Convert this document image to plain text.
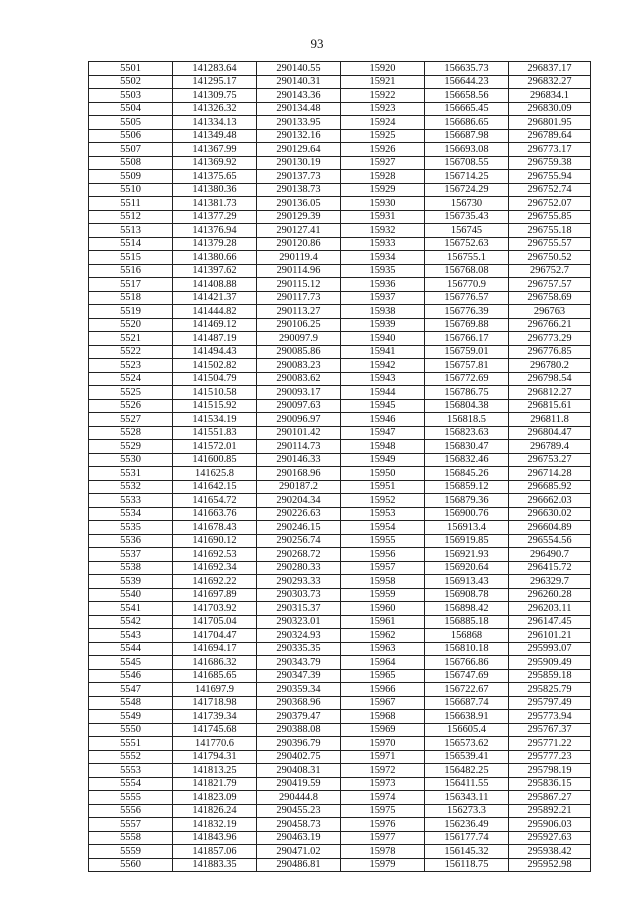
93
5501	141283.64	290140.55	15920	156635.73	296837.17
5502	141295.17	290140.31	15921	156644.23	296832.27
5503	141309.75	290143.36	15922	156658.56	296834.1
5504	141326.32	290134.48	15923	156665.45	296830.09
5505	141334.13	290133.95	15924	156686.65	296801.95
5506	141349.48	290132.16	15925	156687.98	296789.64
5507	141367.99	290129.64	15926	156693.08	296773.17
5508	141369.92	290130.19	15927	156708.55	296759.38
5509	141375.65	290137.73	15928	156714.25	296755.94
5510	141380.36	290138.73	15929	156724.29	296752.74
5511	141381.73	290136.05	15930	156730	296752.07
5512	141377.29	290129.39	15931	156735.43	296755.85
5513	141376.94	290127.41	15932	156745	296755.18
5514	141379.28	290120.86	15933	156752.63	296755.57
5515	141380.66	290119.4	15934	156755.1	296750.52
5516	141397.62	290114.96	15935	156768.08	296752.7
5517	141408.88	290115.12	15936	156770.9	296757.57
5518	141421.37	290117.73	15937	156776.57	296758.69
5519	141444.82	290113.27	15938	156776.39	296763
5520	141469.12	290106.25	15939	156769.88	296766.21
5521	141487.19	290097.9	15940	156766.17	296773.29
5522	141494.43	290085.86	15941	156759.01	296776.85
5523	141502.82	290083.23	15942	156757.81	296780.2
5524	141504.79	290083.62	15943	156772.69	296798.54
5525	141510.58	290093.17	15944	156786.75	296812.27
5526	141515.92	290097.63	15945	156804.38	296815.61
5527	141534.19	290096.97	15946	156818.5	296811.8
5528	141551.83	290101.42	15947	156823.63	296804.47
5529	141572.01	290114.73	15948	156830.47	296789.4
5530	141600.85	290146.33	15949	156832.46	296753.27
5531	141625.8	290168.96	15950	156845.26	296714.28
5532	141642.15	290187.2	15951	156859.12	296685.92
5533	141654.72	290204.34	15952	156879.36	296662.03
5534	141663.76	290226.63	15953	156900.76	296630.02
5535	141678.43	290246.15	15954	156913.4	296604.89
5536	141690.12	290256.74	15955	156919.85	296554.56
5537	141692.53	290268.72	15956	156921.93	296490.7
5538	141692.34	290280.33	15957	156920.64	296415.72
5539	141692.22	290293.33	15958	156913.43	296329.7
5540	141697.89	290303.73	15959	156908.78	296260.28
5541	141703.92	290315.37	15960	156898.42	296203.11
5542	141705.04	290323.01	15961	156885.18	296147.45
5543	141704.47	290324.93	15962	156868	296101.21
5544	141694.17	290335.35	15963	156810.18	295993.07
5545	141686.32	290343.79	15964	156766.86	295909.49
5546	141685.65	290347.39	15965	156747.69	295859.18
5547	141697.9	290359.34	15966	156722.67	295825.79
5548	141718.98	290368.96	15967	156687.74	295797.49
5549	141739.34	290379.47	15968	156638.91	295773.94
5550	141745.68	290388.08	15969	156605.4	295767.37
5551	141770.6	290396.79	15970	156573.62	295771.22
5552	141794.31	290402.75	15971	156539.41	295777.23
5553	141813.25	290408.31	15972	156482.25	295798.19
5554	141821.79	290419.59	15973	156411.55	295836.15
5555	141823.09	290444.8	15974	156343.11	295867.27
5556	141826.24	290455.23	15975	156273.3	295892.21
5557	141832.19	290458.73	15976	156236.49	295906.03
5558	141843.96	290463.19	15977	156177.74	295927.63
5559	141857.06	290471.02	15978	156145.32	295938.42
5560	141883.35	290486.81	15979	156118.75	295952.98
